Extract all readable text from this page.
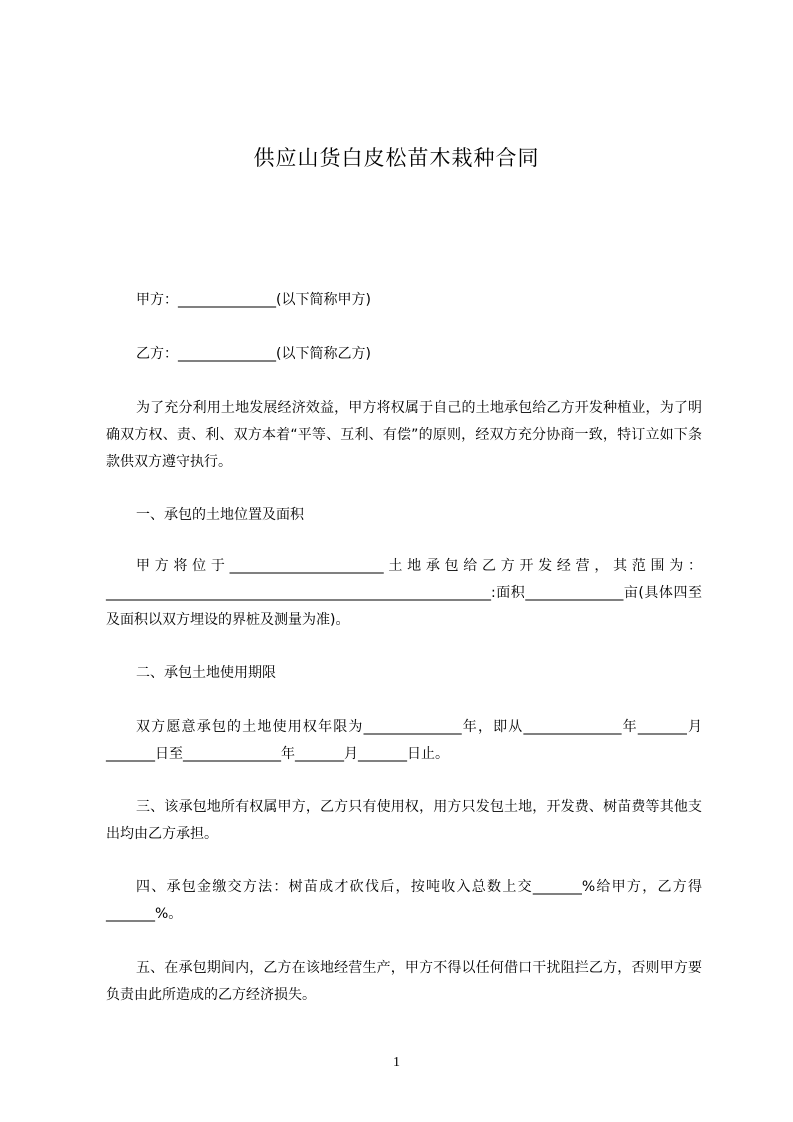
供应山货白皮松苗木栽种合同

甲方：______________(以下简称甲方)

乙方：______________(以下简称乙方)

为了充分利用土地发展经济效益，甲方将权属于自己的土地承包给乙方开发种植业，为了明确双方权、责、利、双方本着“平等、互利、有偿”的原则，经双方充分协商一致，特订立如下条款供双方遵守执行。

一、承包的土地位置及面积

甲方将位于______________________土地承包给乙方开发经营，其范围为：_______________________________________________________:面积______________亩(具体四至及面积以双方埋设的界桩及测量为准)。

二、承包土地使用期限

双方愿意承包的土地使用权年限为______________年，即从______________年_______月_______日至______________年_______月_______日止。

三、该承包地所有权属甲方，乙方只有使用权，用方只发包土地，开发费、树苗费等其他支出均由乙方承担。

四、承包金缴交方法：树苗成才砍伐后，按吨收入总数上交_______%给甲方，乙方得_______%。

五、在承包期间内，乙方在该地经营生产，甲方不得以任何借口干扰阻拦乙方，否则甲方要负责由此所造成的乙方经济损失。

1
